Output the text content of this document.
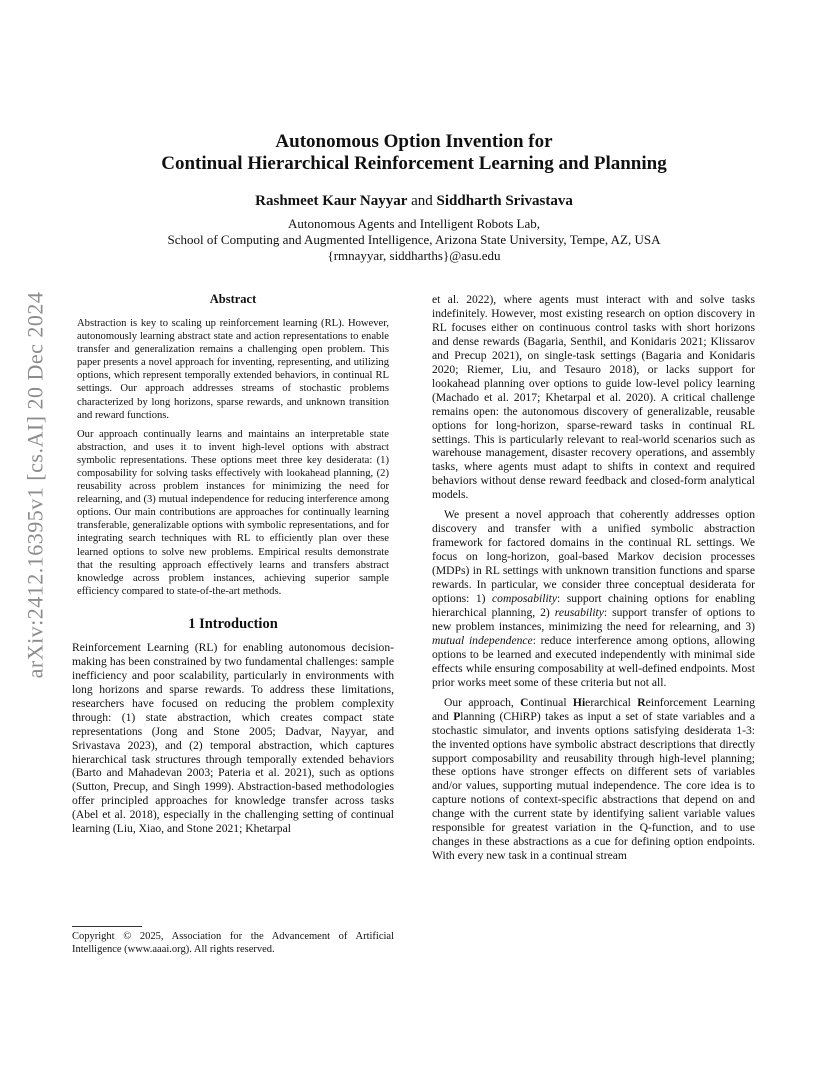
arXiv:2412.16395v1 [cs.AI] 20 Dec 2024
Autonomous Option Invention for
Continual Hierarchical Reinforcement Learning and Planning
Rashmeet Kaur Nayyar and Siddharth Srivastava
Autonomous Agents and Intelligent Robots Lab,
School of Computing and Augmented Intelligence, Arizona State University, Tempe, AZ, USA
{rmnayyar, siddharths}@asu.edu
Abstract

Abstraction is key to scaling up reinforcement learning (RL). However, autonomously learning abstract state and action representations to enable transfer and generalization remains a challenging open problem. This paper presents a novel approach for inventing, representing, and utilizing options, which represent temporally extended behaviors, in continual RL settings. Our approach addresses streams of stochastic problems characterized by long horizons, sparse rewards, and unknown transition and reward functions.

Our approach continually learns and maintains an interpretable state abstraction, and uses it to invent high-level options with abstract symbolic representations. These options meet three key desiderata: (1) composability for solving tasks effectively with lookahead planning, (2) reusability across problem instances for minimizing the need for relearning, and (3) mutual independence for reducing interference among options. Our main contributions are approaches for continually learning transferable, generalizable options with symbolic representations, and for integrating search techniques with RL to efficiently plan over these learned options to solve new problems. Empirical results demonstrate that the resulting approach effectively learns and transfers abstract knowledge across problem instances, achieving superior sample efficiency compared to state-of-the-art methods.

1 Introduction

Reinforcement Learning (RL) for enabling autonomous decision-making has been constrained by two fundamental challenges: sample inefficiency and poor scalability, particularly in environments with long horizons and sparse rewards. To address these limitations, researchers have focused on reducing the problem complexity through: (1) state abstraction, which creates compact state representations (Jong and Stone 2005; Dadvar, Nayyar, and Srivastava 2023), and (2) temporal abstraction, which captures hierarchical task structures through temporally extended behaviors (Barto and Mahadevan 2003; Pateria et al. 2021), such as options (Sutton, Precup, and Singh 1999). Abstraction-based methodologies offer principled approaches for knowledge transfer across tasks (Abel et al. 2018), especially in the challenging setting of continual learning (Liu, Xiao, and Stone 2021; Khetarpal

Copyright © 2025, Association for the Advancement of Artificial Intelligence (www.aaai.org). All rights reserved.

et al. 2022), where agents must interact with and solve tasks indefinitely. However, most existing research on option discovery in RL focuses either on continuous control tasks with short horizons and dense rewards (Bagaria, Senthil, and Konidaris 2021; Klissarov and Precup 2021), on single-task settings (Bagaria and Konidaris 2020; Riemer, Liu, and Tesauro 2018), or lacks support for lookahead planning over options to guide low-level policy learning (Machado et al. 2017; Khetarpal et al. 2020). A critical challenge remains open: the autonomous discovery of generalizable, reusable options for long-horizon, sparse-reward tasks in continual RL settings. This is particularly relevant to real-world scenarios such as warehouse management, disaster recovery operations, and assembly tasks, where agents must adapt to shifts in context and required behaviors without dense reward feedback and closed-form analytical models.

We present a novel approach that coherently addresses option discovery and transfer with a unified symbolic abstraction framework for factored domains in the continual RL settings. We focus on long-horizon, goal-based Markov decision processes (MDPs) in RL settings with unknown transition functions and sparse rewards. In particular, we consider three conceptual desiderata for options: 1) composability: support chaining options for enabling hierarchical planning, 2) reusability: support transfer of options to new problem instances, minimizing the need for relearning, and 3) mutual independence: reduce interference among options, allowing options to be learned and executed independently with minimal side effects while ensuring composability at well-defined endpoints. Most prior works meet some of these criteria but not all.

Our approach, Continual Hierarchical Reinforcement Learning and Planning (CHiRP) takes as input a set of state variables and a stochastic simulator, and invents options satisfying desiderata 1-3: the invented options have symbolic abstract descriptions that directly support composability and reusability through high-level planning; these options have stronger effects on different sets of variables and/or values, supporting mutual independence. The core idea is to capture notions of context-specific abstractions that depend on and change with the current state by identifying salient variable values responsible for greatest variation in the Q-function, and to use changes in these abstractions as a cue for defining option endpoints. With every new task in a continual stream
